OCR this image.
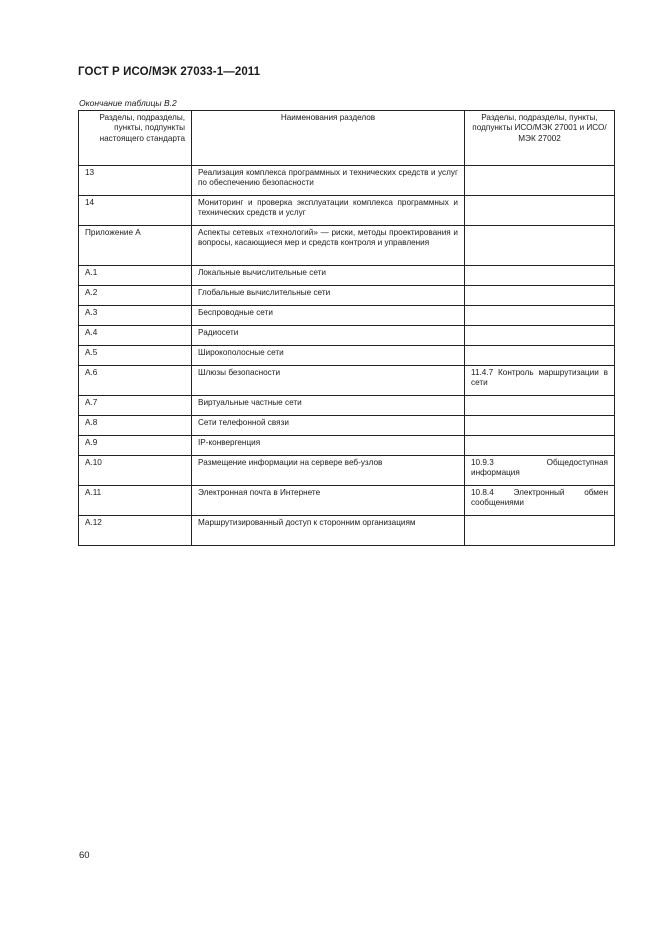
ГОСТ Р ИСО/МЭК 27033-1—2011
Окончание таблицы В.2
Разделы, подразделы, пункты, подпункты настоящего стандарта	Наименования разделов	Разделы, подразделы, пункты, подпункты ИСО/МЭК 27001 и ИСО/МЭК 27002
13	Реализация комплекса программных и технических средств и услуг по обеспечению безопасности	
14	Мониторинг и проверка эксплуатации комплекса программных и технических средств и услуг	
Приложение А	Аспекты сетевых «технологий» — риски, методы проектирования и вопросы, касающиеся мер и средств контроля и управления	
А.1	Локальные вычислительные сети	
А.2	Глобальные вычислительные сети	
А.3	Беспроводные сети	
А.4	Радиосети	
А.5	Широкополосные сети	
А.6	Шлюзы безопасности	11.4.7 Контроль маршрутизации в сети
А.7	Виртуальные частные сети	
А.8	Сети телефонной связи	
А.9	IP-конвергенция	
А.10	Размещение информации на сервере веб-узлов	10.9.3 Общедоступная информация
А.11	Электронная почта в Интернете	10.8.4 Электронный обмен сообщениями
А.12	Маршрутизированный доступ к сторонним организациям	
60
